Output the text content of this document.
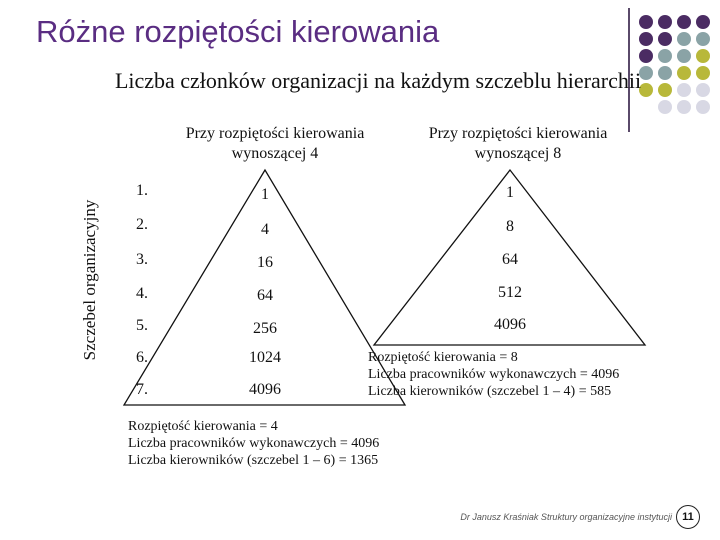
Różne rozpiętości kierowania
Liczba członków organizacji na każdym szczeblu hierarchii
Przy rozpiętości kierowania wynoszącej 4
Przy rozpiętości kierowania wynoszącej 8
Szczebel organizacyjny
1.
2.
3.
4.
5.
6.
7.
1
4
16
64
256
1024
4096
1
8
64
512
4096
Rozpiętość kierowania = 8
Liczba pracowników wykonawczych = 4096
Liczba kierowników (szczebel 1 – 4) = 585
Rozpiętość kierowania = 4
Liczba pracowników wykonawczych = 4096
Liczba kierowników (szczebel 1 – 6) = 1365
Dr Janusz Kraśniak Struktury organizacyjne instytucji 11
